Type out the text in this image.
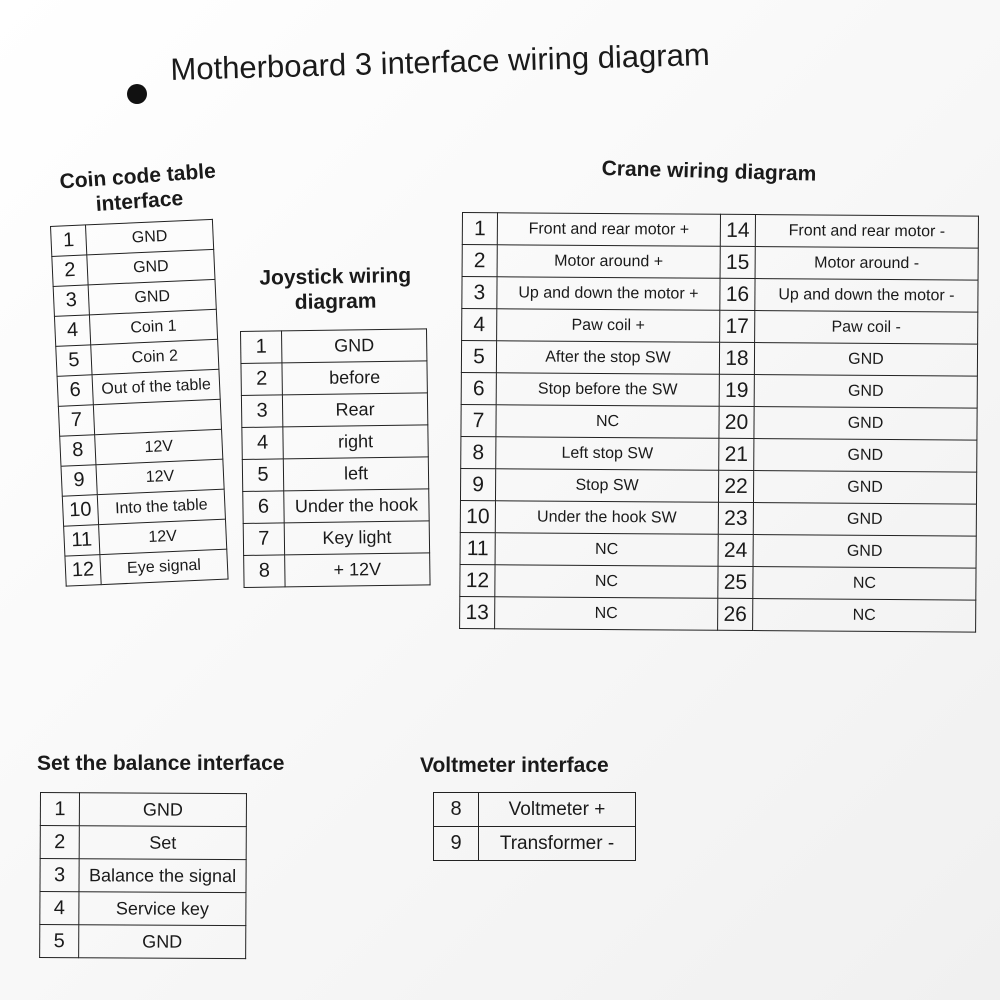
Motherboard 3 interface wiring diagram
Coin code table
interface
1	GND
2	GND
3	GND
4	Coin 1
5	Coin 2
6	Out of the table
7	
8	12V
9	12V
10	Into the table
11	12V
12	Eye signal
Joystick wiring
diagram
1	GND
2	before
3	Rear
4	right
5	left
6	Under the hook
7	Key light
8	+ 12V
Crane wiring diagram
1	Front and rear motor +	14	Front and rear motor -
2	Motor around +	15	Motor around -
3	Up and down the motor +	16	Up and down the motor -
4	Paw coil +	17	Paw coil -
5	After the stop SW	18	GND
6	Stop before the SW	19	GND
7	NC	20	GND
8	Left stop SW	21	GND
9	Stop SW	22	GND
10	Under the hook SW	23	GND
11	NC	24	GND
12	NC	25	NC
13	NC	26	NC
Set the balance interface
1	GND
2	Set
3	Balance the signal
4	Service key
5	GND
Voltmeter interface
8	Voltmeter +
9	Transformer -
